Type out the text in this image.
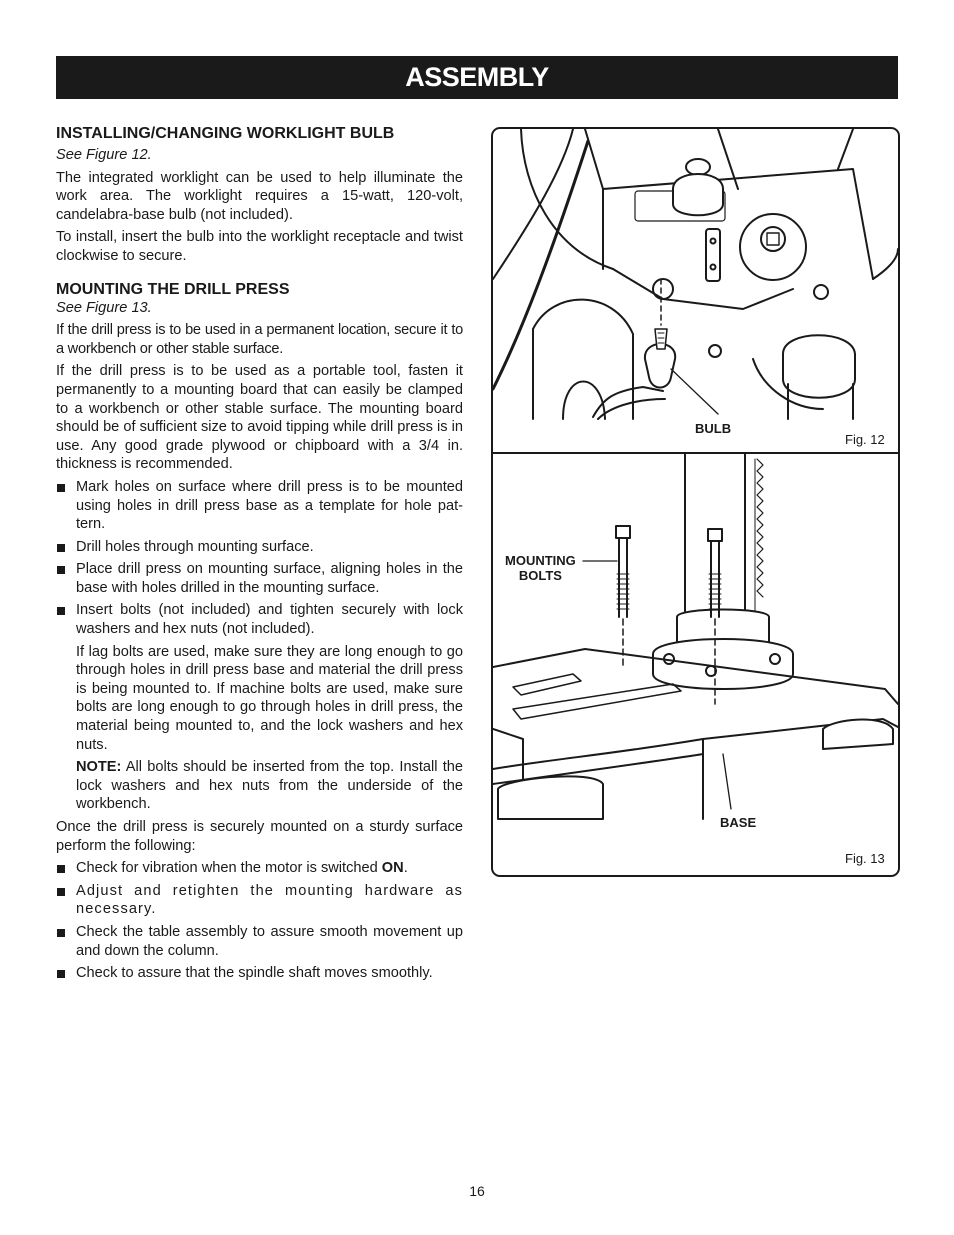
ASSEMBLY
INSTALLING/CHANGING WORKLIGHT BULB

See Figure 12.

The integrated worklight can be used to help illuminate the work area. The worklight requires a 15-watt, 120-volt, candelabra-base bulb (not included).

To install, insert the bulb into the worklight receptacle and twist clockwise to secure.

MOUNTING THE DRILL PRESS

See Figure 13.

If the drill press is to be used in a permanent location, secure it to a workbench or other stable surface.

If the drill press is to be used as a portable tool, fasten it permanently to a mounting board that can easily be clamped to a workbench or other stable surface. The mounting board should be of sufficient size to avoid tipping while drill press is in use. Any good grade plywood or chipboard with a 3/4 in. thickness is recommended.

Mark holes on surface where drill press is to be mounted using holes in drill press base as a template for hole pat- tern.
Drill holes through mounting surface.
Place drill press on mounting surface, aligning holes in the base with holes drilled in the mounting surface.
Insert bolts (not included) and tighten securely with lock washers and hex nuts (not included).

If lag bolts are used, make sure they are long enough to go through holes in drill press base and material the drill press is being mounted to. If machine bolts are used, make sure bolts are long enough to go through holes in drill press, the material being mounted to, and the lock washers and hex nuts.

NOTE: All bolts should be inserted from the top. Install the lock washers and hex nuts from the underside of the workbench.

Once the drill press is securely mounted on a sturdy surface perform the following:

Check for vibration when the motor is switched ON.
Adjust and retighten the mounting hardware as necessary.
Check the table assembly to assure smooth movement up and down the column.
Check to assure that the spindle shaft moves smoothly.
BULB
Fig. 12
MOUNTING
BOLTS
BASE
Fig. 13
16
